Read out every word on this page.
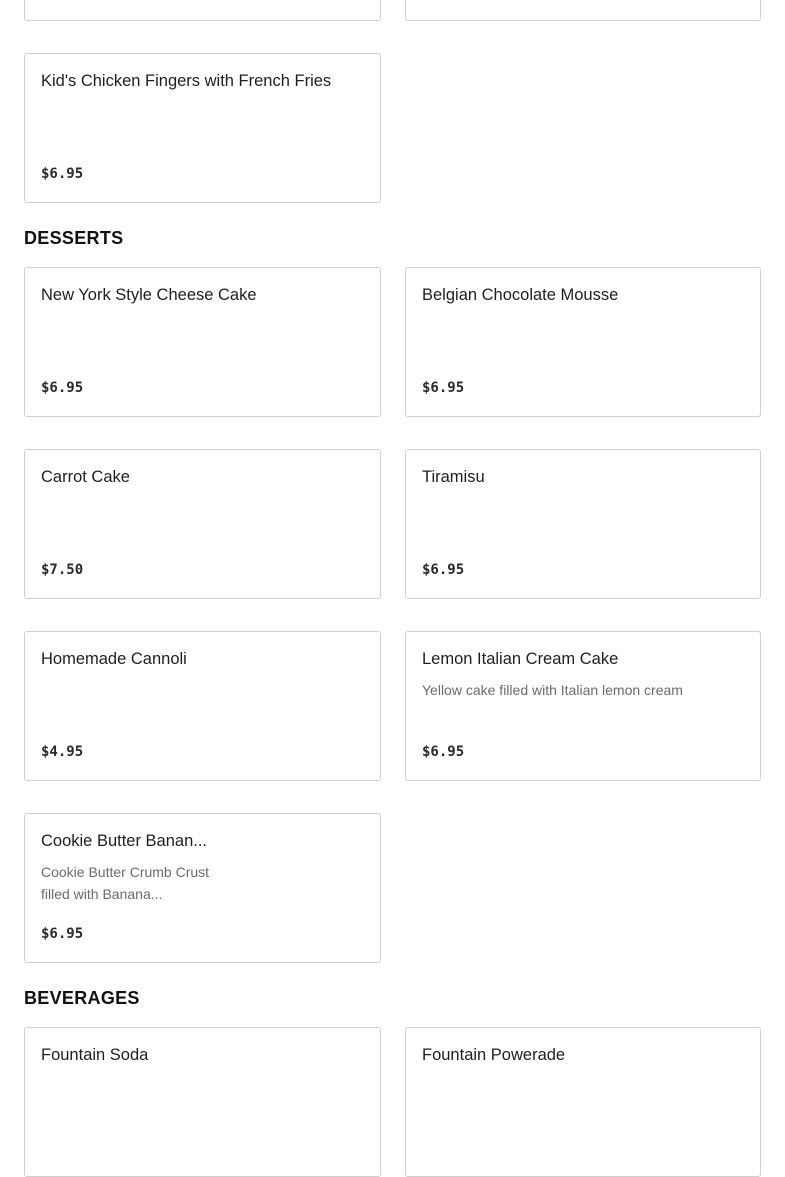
Kid's Chicken Fingers with French Fries
$6.95
DESSERTS
New York Style Cheese Cake
$6.95
Belgian Chocolate Mousse
$6.95
Carrot Cake
$7.50
Tiramisu
$6.95
Homemade Cannoli
$4.95
Lemon Italian Cream Cake
Yellow cake filled with Italian lemon cream
$6.95
Cookie Butter Banan...
Cookie Butter Crumb Crust
filled with Banana...
$6.95
BEVERAGES
Fountain Soda	Fountain Powerade
